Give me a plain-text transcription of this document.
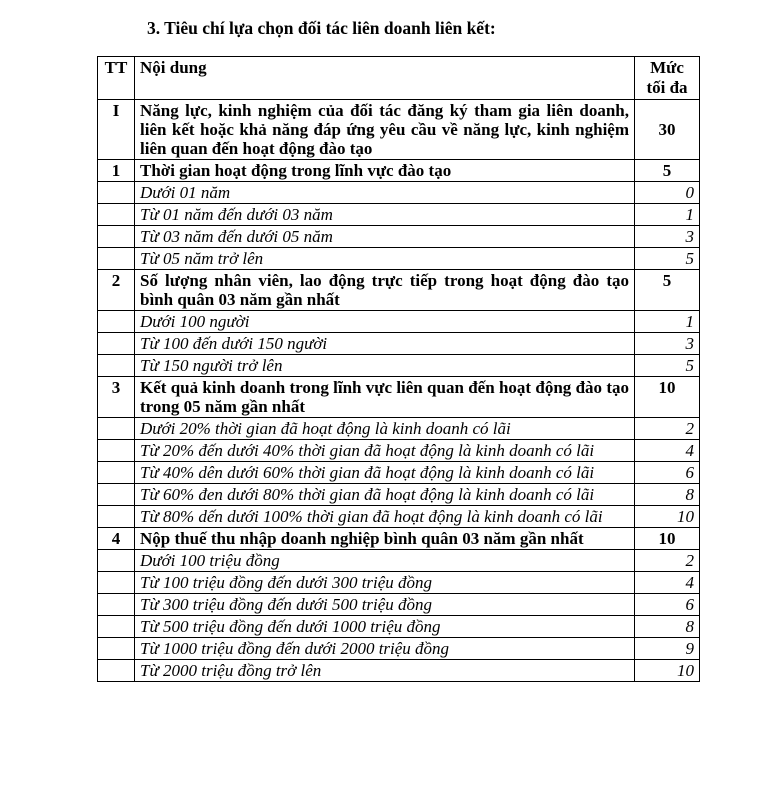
3. Tiêu chí lựa chọn đối tác liên doanh liên kết:
TT	Nội dung	Mức tối đa
I	Năng lực, kinh nghiệm của đối tác đăng ký tham gia liên doanh, liên kết hoặc khả năng đáp ứng yêu cầu về năng lực, kinh nghiệm liên quan đến hoạt động đào tạo	30
1	Thời gian hoạt động trong lĩnh vực đào tạo	5
	Dưới 01 năm	0
	Từ 01 năm đến dưới 03 năm	1
	Từ 03 năm đến dưới 05 năm	3
	Từ 05 năm trở lên	5
2	Số lượng nhân viên, lao động trực tiếp trong hoạt động đào tạo bình quân 03 năm gần nhất	5
	Dưới 100 người	1
	Từ 100 đến dưới 150 người	3
	Từ 150 người trở lên	5
3	Kết quả kinh doanh trong lĩnh vực liên quan đến hoạt động đào tạo trong 05 năm gần nhất	10
	Dưới 20% thời gian đã hoạt động là kinh doanh có lãi	2
	Từ 20% đến dưới 40% thời gian đã hoạt động là kinh doanh có lãi	4
	Từ 40% dên dưới 60% thời gian đã hoạt động là kinh doanh có lãi	6
	Từ 60% đen dưới 80% thời gian đã hoạt động là kinh doanh có lãi	8
	Từ 80% dến dưới 100% thời gian đã hoạt động là kinh doanh có lãi	10
4	Nộp thuế thu nhập doanh nghiệp bình quân 03 năm gần nhất	10
	Dưới 100 triệu đồng	2
	Từ 100 triệu đồng đến dưới 300 triệu đồng	4
	Từ 300 triệu đồng đến dưới 500 triệu đồng	6
	Từ 500 triệu đồng đến dưới 1000 triệu đồng	8
	Từ 1000 triệu đồng đến dưới 2000 triệu đồng	9
	Từ 2000 triệu đồng trở lên	10
